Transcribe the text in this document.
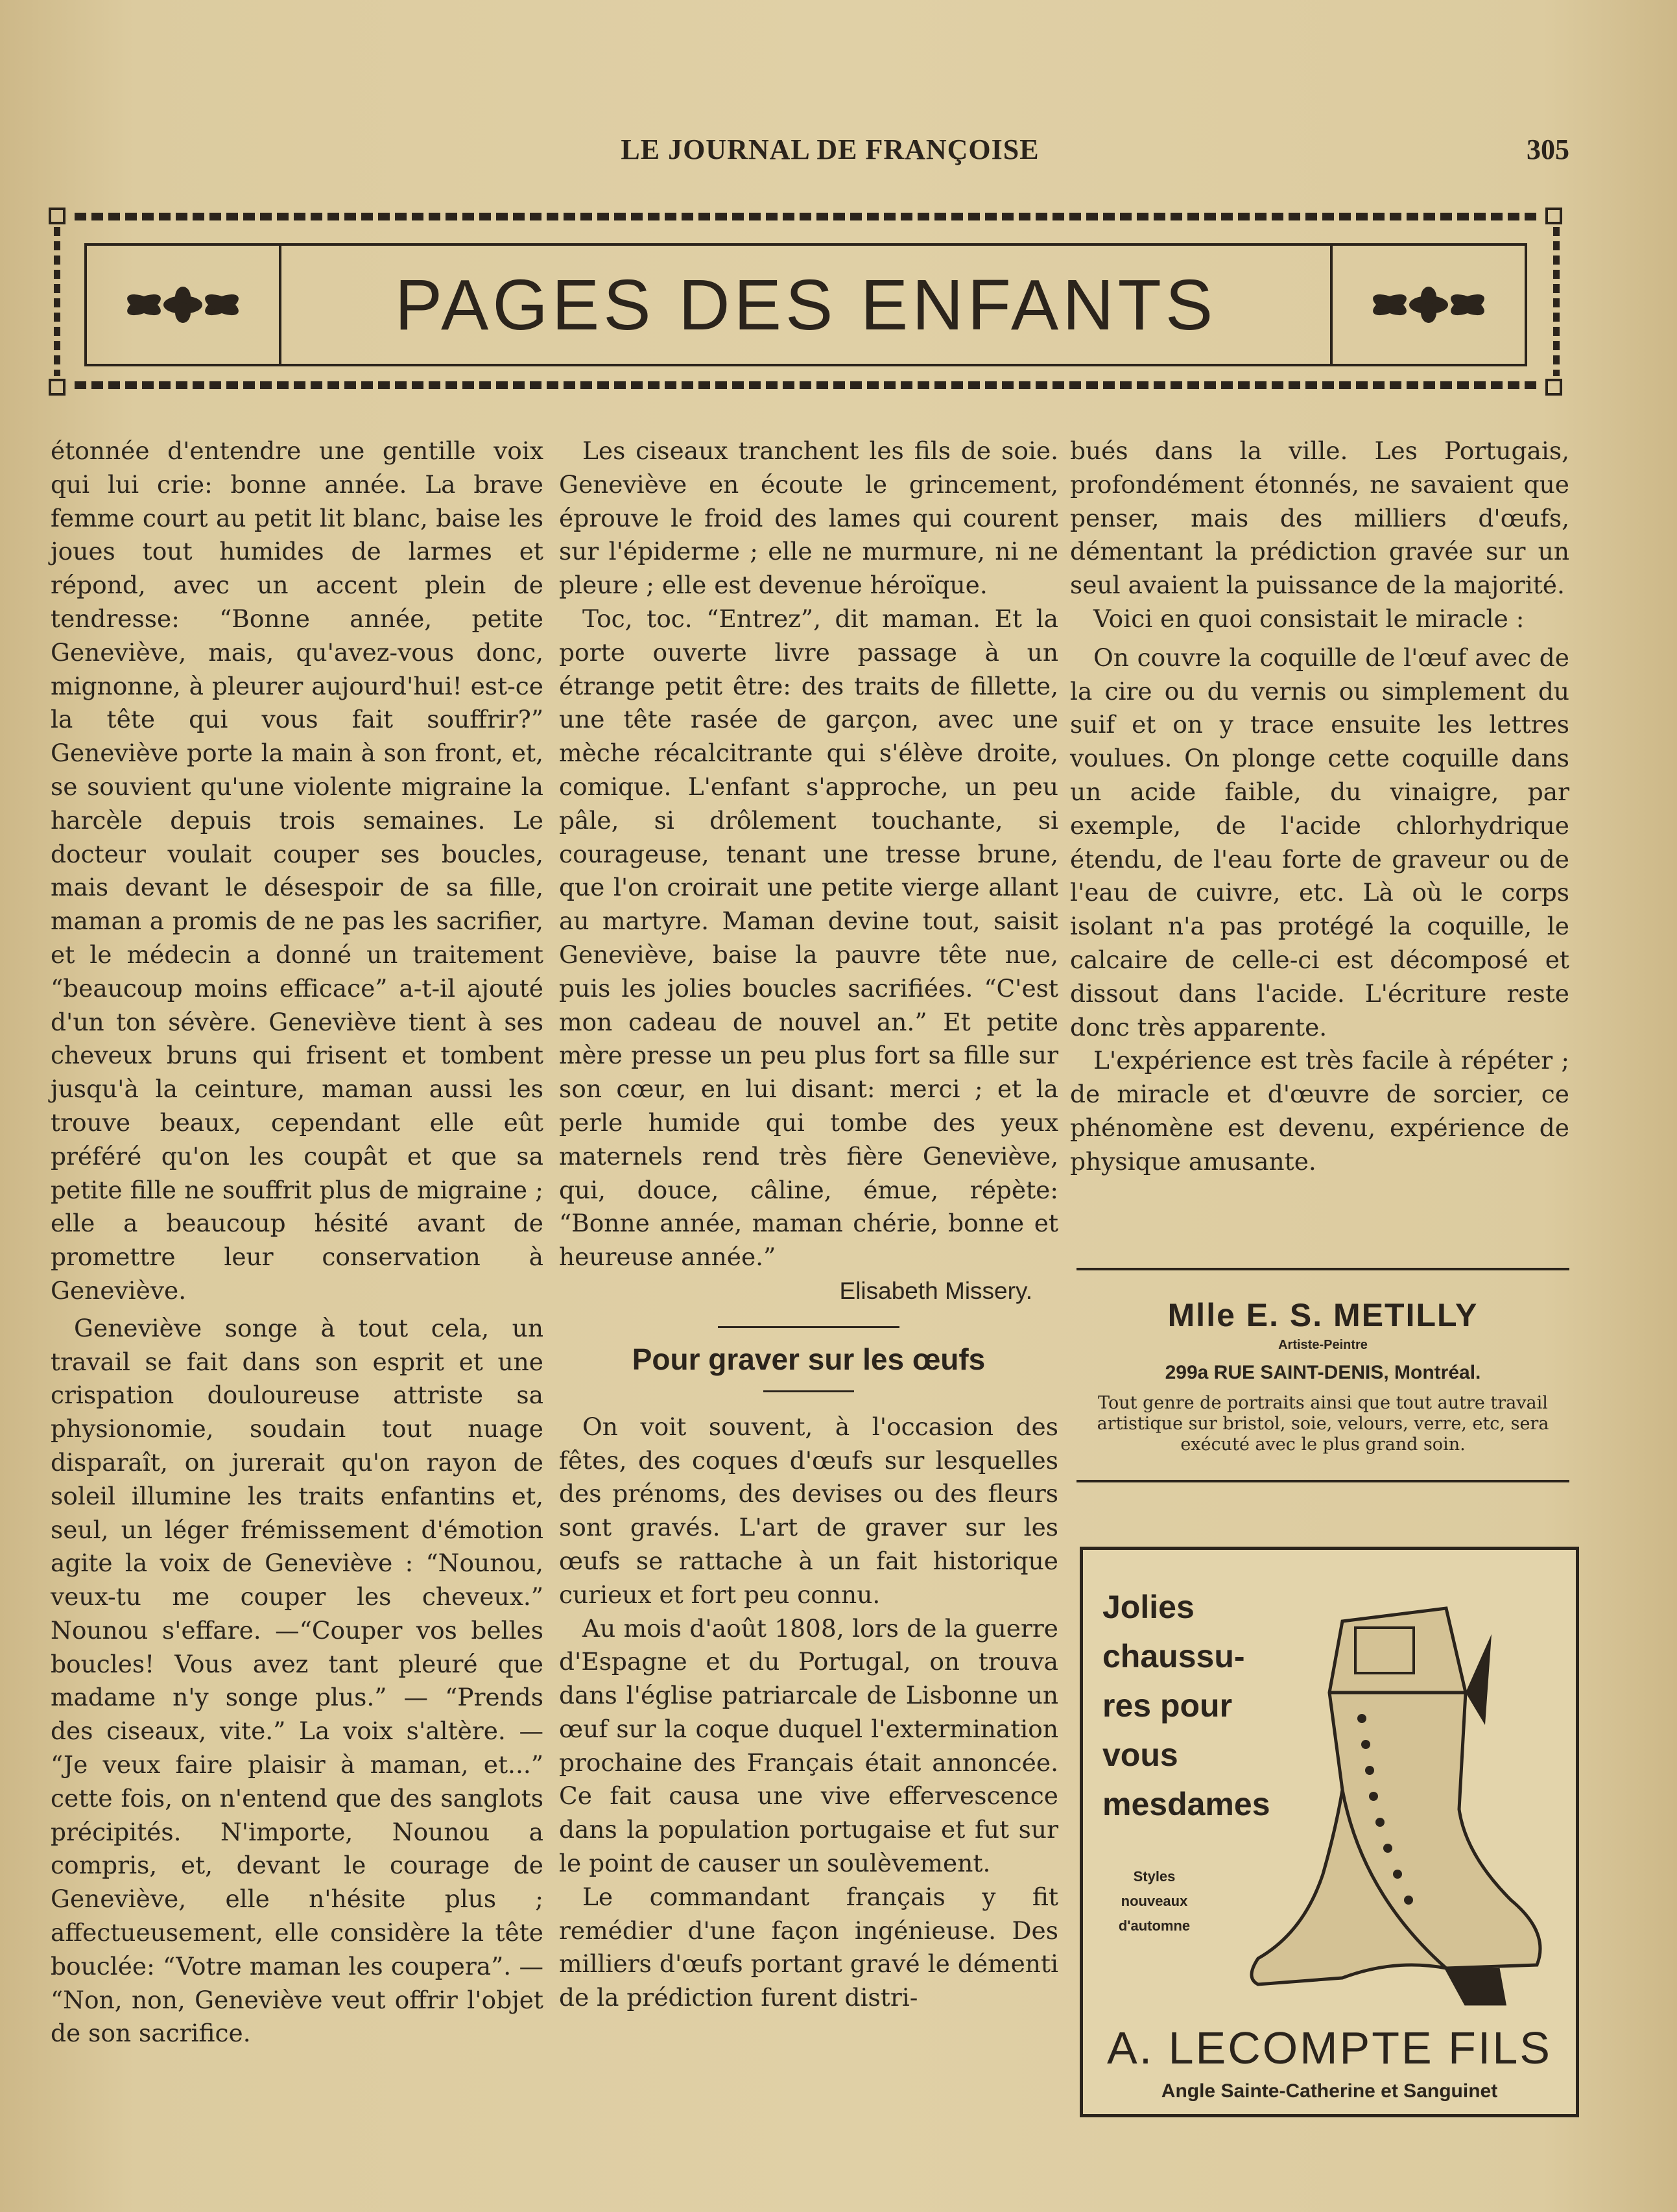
LE JOURNAL DE FRANÇOISE	305
PAGES DES ENFANTS

étonnée d'entendre une gentille voix qui lui crie: bonne année. La brave femme court au petit lit blanc, baise les joues tout humides de larmes et répond, avec un accent plein de tendresse: “Bonne année, petite Geneviève, mais, qu'avez-vous donc, mignonne, à pleurer aujourd'hui! est-ce la tête qui vous fait souffrir?” Geneviève porte la main à son front, et, se souvient qu'une violente migraine la harcèle depuis trois semaines. Le docteur voulait couper ses boucles, mais devant le désespoir de sa fille, maman a promis de ne pas les sacrifier, et le médecin a donné un traitement “beaucoup moins efficace” a-t-il ajouté d'un ton sévère. Geneviève tient à ses cheveux bruns qui frisent et tombent jusqu'à la ceinture, maman aussi les trouve beaux, cependant elle eût préféré qu'on les coupât et que sa petite fille ne souffrit plus de migraine ; elle a beaucoup hésité avant de promettre leur conservation à Geneviève.

Geneviève songe à tout cela, un travail se fait dans son esprit et une crispation douloureuse attriste sa physionomie, soudain tout nuage disparaît, on jurerait qu'on rayon de soleil illumine les traits enfantins et, seul, un léger frémissement d'émotion agite la voix de Geneviève : “Nounou, veux-tu me couper les cheveux.” Nounou s'effare. —“Couper vos belles boucles! Vous avez tant pleuré que madame n'y songe plus.” — “Prends des ciseaux, vite.” La voix s'altère. — “Je veux faire plaisir à maman, et...” cette fois, on n'entend que des sanglots précipités. N'importe, Nounou a compris, et, devant le courage de Geneviève, elle n'hésite plus ; affectueusement, elle considère la tête bouclée: “Votre maman les coupera”. — “Non, non, Geneviève veut offrir l'objet de son sacrifice.

Les ciseaux tranchent les fils de soie. Geneviève en écoute le grincement, éprouve le froid des lames qui courent sur l'épiderme ; elle ne murmure, ni ne pleure ; elle est devenue héroïque.

Toc, toc. “Entrez”, dit maman. Et la porte ouverte livre passage à un étrange petit être: des traits de fillette, une tête rasée de garçon, avec une mèche récalcitrante qui s'élève droite, comique. L'enfant s'approche, un peu pâle, si drôlement touchante, si courageuse, tenant une tresse brune, que l'on croirait une petite vierge allant au martyre. Maman devine tout, saisit Geneviève, baise la pauvre tête nue, puis les jolies boucles sacrifiées. “C'est mon cadeau de nouvel an.” Et petite mère presse un peu plus fort sa fille sur son cœur, en lui disant: merci ; et la perle humide qui tombe des yeux maternels rend très fière Geneviève, qui, douce, câline, émue, répète: “Bonne année, maman chérie, bonne et heureuse année.”

Elisabeth Missery.
Pour graver sur les œufs

On voit souvent, à l'occasion des fêtes, des coques d'œufs sur lesquelles des prénoms, des devises ou des fleurs sont gravés. L'art de graver sur les œufs se rattache à un fait historique curieux et fort peu connu.

Au mois d'août 1808, lors de la guerre d'Espagne et du Portugal, on trouva dans l'église patriarcale de Lisbonne un œuf sur la coque duquel l'extermination prochaine des Français était annoncée. Ce fait causa une vive effervescence dans la population portugaise et fut sur le point de causer un soulèvement.

Le commandant français y fit remédier d'une façon ingénieuse. Des milliers d'œufs portant gravé le démenti de la prédiction furent distri-

bués dans la ville. Les Portugais, profondément étonnés, ne savaient que penser, mais des milliers d'œufs, démentant la prédiction gravée sur un seul avaient la puissance de la majorité.

Voici en quoi consistait le miracle :

On couvre la coquille de l'œuf avec de la cire ou du vernis ou simplement du suif et on y trace ensuite les lettres voulues. On plonge cette coquille dans un acide faible, du vinaigre, par exemple, de l'acide chlorhydrique étendu, de l'eau forte de graveur ou de l'eau de cuivre, etc. Là où le corps isolant n'a pas protégé la coquille, le calcaire de celle-ci est décomposé et dissout dans l'acide. L'écriture reste donc très apparente.

L'expérience est très facile à répéter ; de miracle et d'œuvre de sorcier, ce phénomène est devenu, expérience de physique amusante.

Mlle E. S. METILLY
Artiste-Peintre
299a RUE SAINT-DENIS, Montréal.
Tout genre de portraits ainsi que tout autre travail artistique sur bristol, soie, velours, verre, etc, sera exécuté avec le plus grand soin.
Jolies
chaussu-
res pour
vous
mesdames
Styles
nouveaux
d'automne
A. LECOMPTE FILS
Angle Sainte-Catherine et Sanguinet
